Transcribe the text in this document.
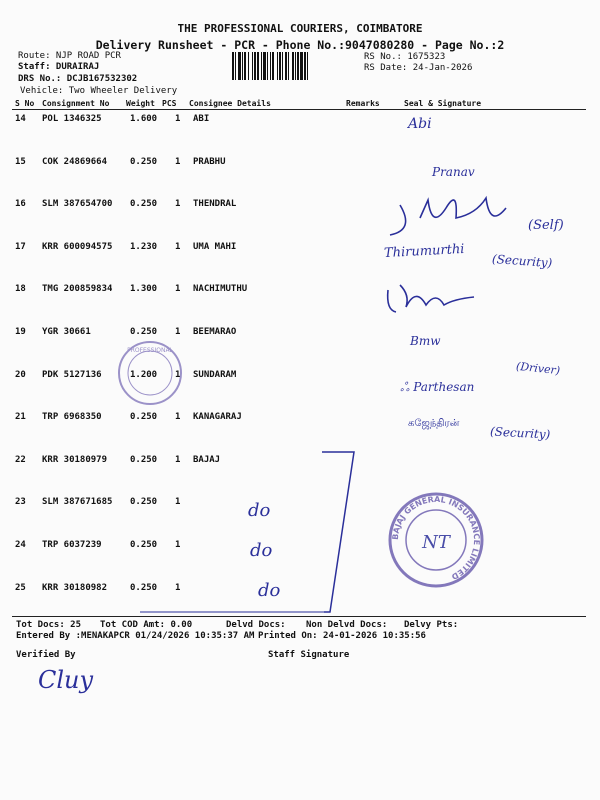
THE PROFESSIONAL COURIERS, COIMBATORE
Delivery Runsheet - PCR - Phone No.:9047080280 - Page No.:2
Route: NJP ROAD PCR
Staff: DURAIRAJ
DRS No.: DCJB167532302
Vehicle: Two Wheeler Delivery
RS No.: 1675323
RS Date: 24-Jan-2026
S No Consignment No Weight PCS Consignee Details	Remarks	Seal & Signature
14 POL 1346325	1.600 1 ABI
15 COK 24869664	0.250 1 PRABHU
16 SLM 387654700 0.250 1 THENDRAL
17 KRR 600094575 1.230 1 UMA MAHI
18 TMG 200859834 1.300 1 NACHIMUTHU
19 YGR 30661	0.250 1 BEEMARAO
20 PDK 5127136	1.200 1 SUNDARAM
21 TRP 6968350	0.250 1 KANAGARAJ
22 KRR 30180979	0.250 1 BAJAJ
23 SLM 387671685 0.250 1
24 TRP 6037239	0.250 1
25 KRR 30180982	0.250 1
PROFESSIONAL
BAJAJ GENERAL INSURANCE LIMITED
NT
Abi
Pranav
(Self)
Thirumurthi (Security)
Bmw
(Driver)
ஃ Parthesan
கஜேந்திரன்
(Security)
do
do
do
Tot Docs: 25 Tot COD Amt: 0.00	Delvd Docs: Non Delvd Docs: Delvy Pts:
Entered By :MENAKAPCR 01/24/2026 10:35:37 AM Printed On: 24-01-2026 10:35:56
Verified By	Staff Signature
Cluy
